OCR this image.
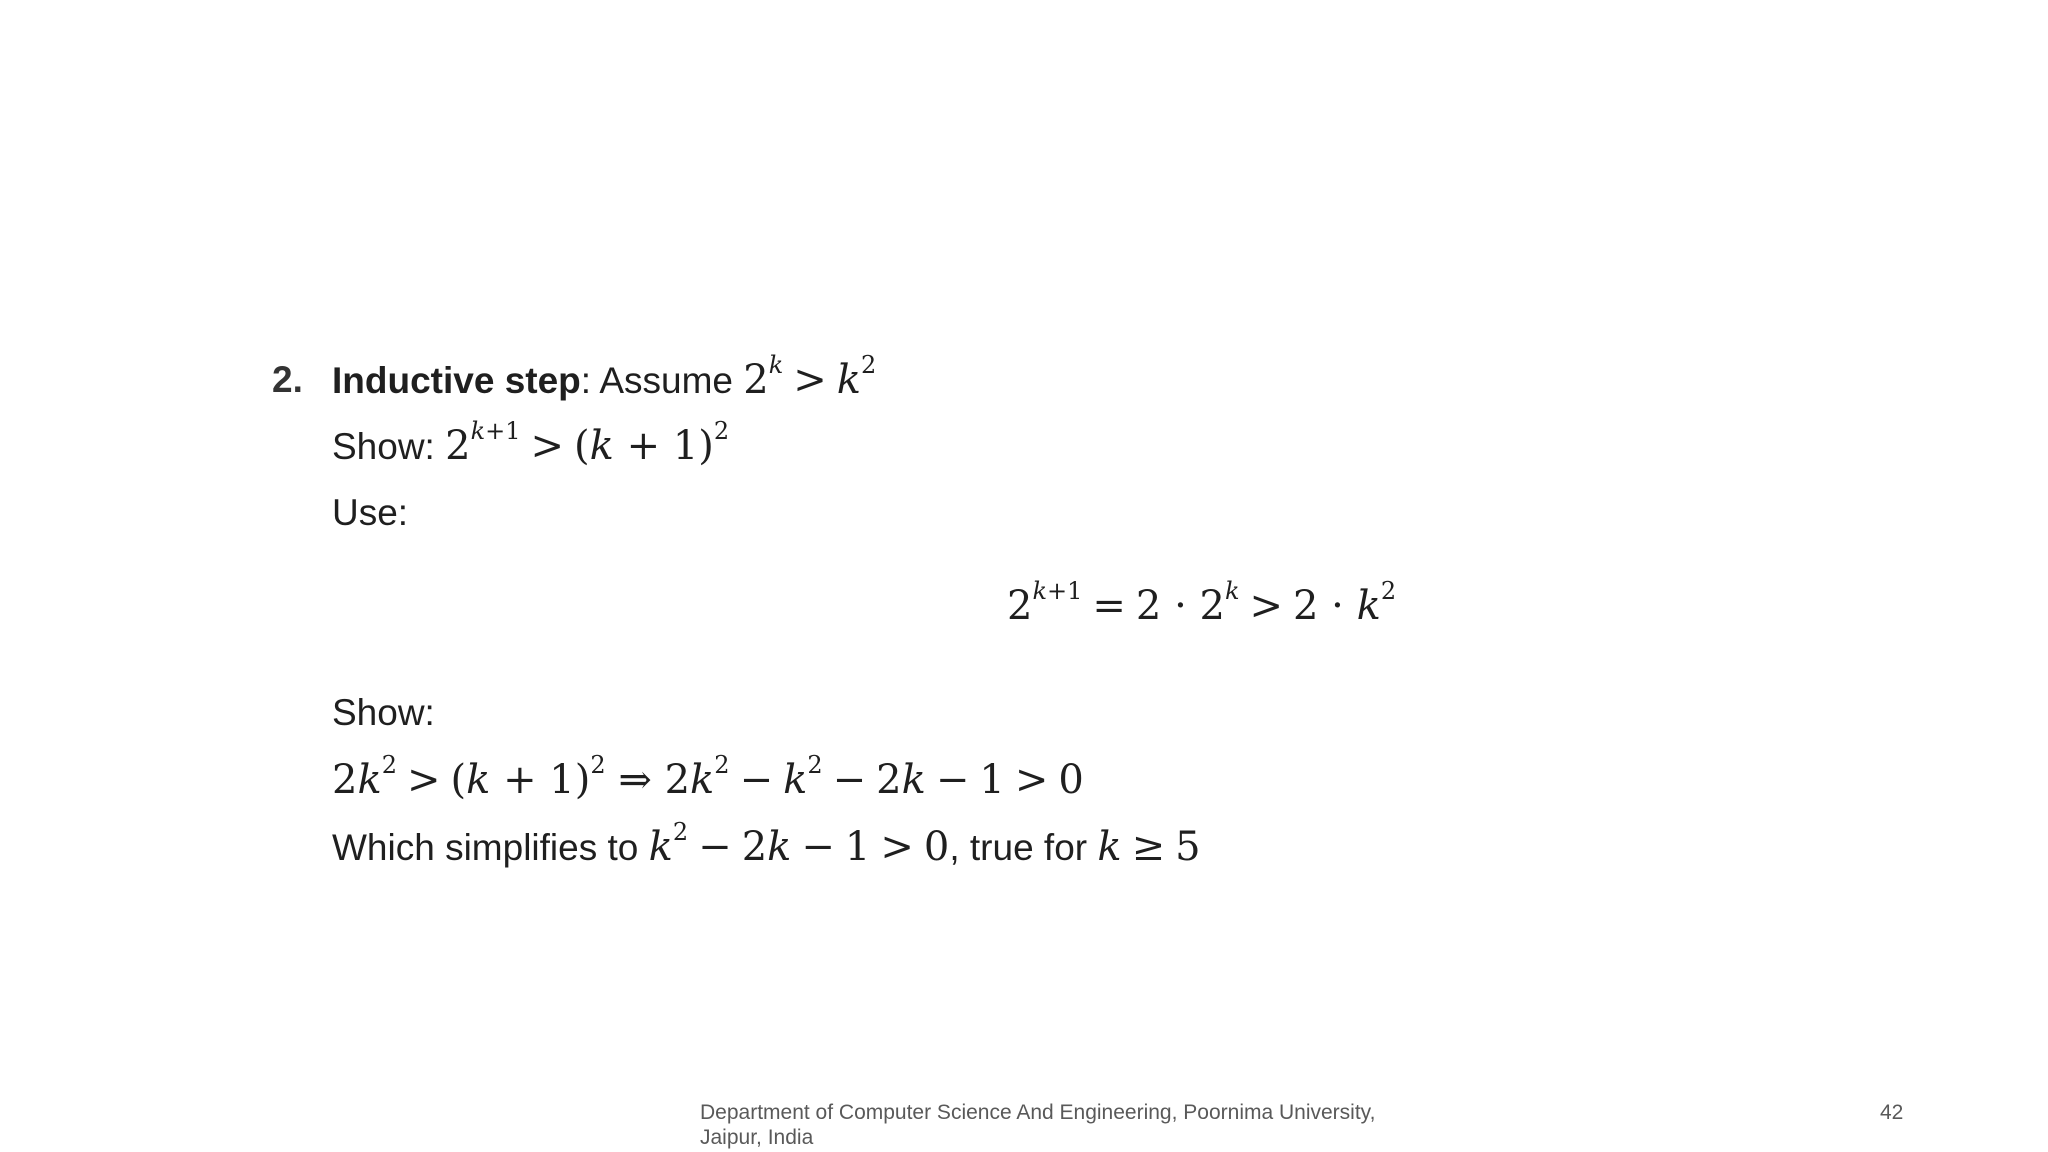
2. Inductive step: Assume $2^k > k^2$
Show: $2^{k+1} > (k + 1)^2$
Use:
$2^{k+1} = 2 \cdot 2^k > 2 \cdot k^2$
Show:
$2k^2 > (k + 1)^2$ ⇒ $2k^2 - k^2 - 2k - 1 > 0$
Which simplifies to $k^2 - 2k - 1 > 0$, true for k ≥ 5
Department of Computer Science And Engineering, Poornima University, Jaipur, India
42
